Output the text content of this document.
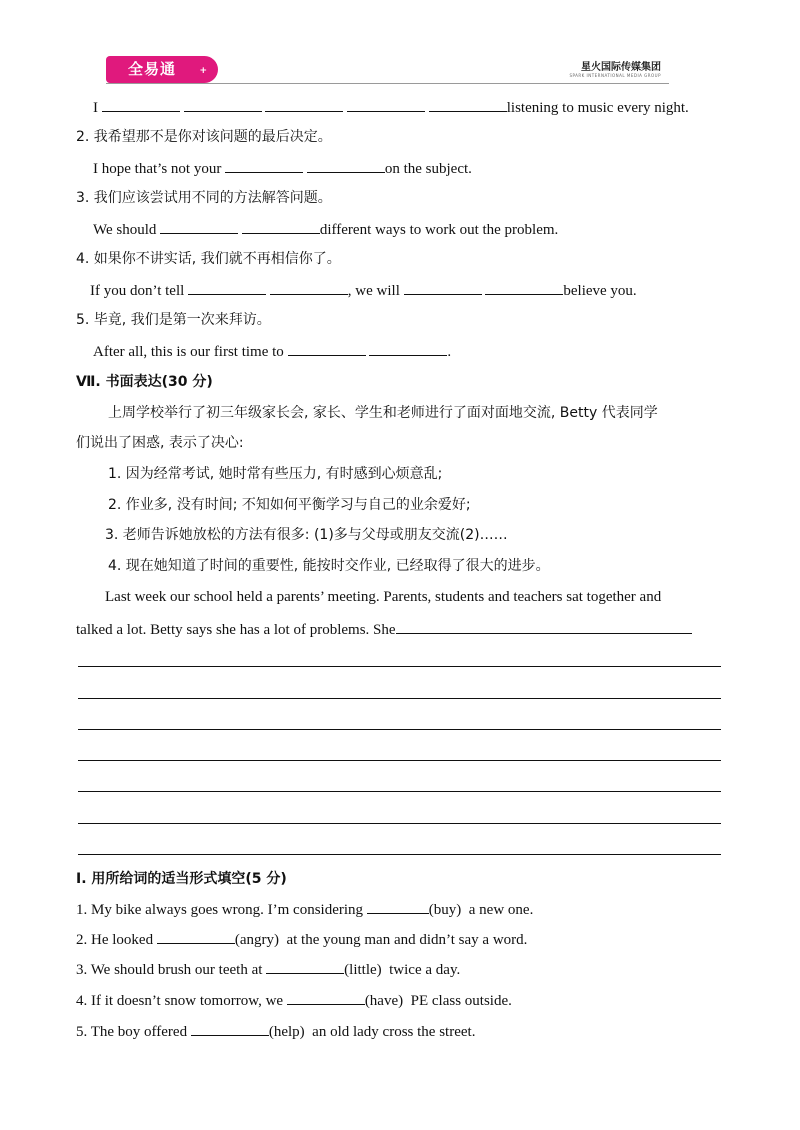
全易通	+	星火国际传媒集团
SPARK INTERNATIONAL MEDIA GROUP
I	listening to music every night.
2. 我希望那不是你对该问题的最后决定。
I hope that’s not your	on the subject.
3. 我们应该尝试用不同的方法解答问题。
We should	different ways to work out the problem.
4. 如果你不讲实话, 我们就不再相信你了。
If you don’t tell	, we will	believe you.
5. 毕竟, 我们是第一次来拜访。
After all, this is our first time to	.
Ⅶ. 书面表达(30 分)
上周学校举行了初三年级家长会, 家长、学生和老师进行了面对面地交流, Betty 代表同学
们说出了困惑, 表示了决心:
1. 因为经常考试, 她时常有些压力, 有时感到心烦意乱;
2. 作业多, 没有时间; 不知如何平衡学习与自己的业余爱好;
3. 老师告诉她放松的方法有很多: (1)多与父母或朋友交流(2)……
4. 现在她知道了时间的重要性, 能按时交作业, 已经取得了很大的进步。
Last week our school held a parents’ meeting. Parents, students and teachers sat together and
talked a lot. Betty says she has a lot of problems. She
Ⅰ. 用所给词的适当形式填空(5 分)
1. My bike always goes wrong. I’m considering	(buy)  a new one.
2. He looked	(angry)  at the young man and didn’t say a word.
3. We should brush our teeth at	(little)  twice a day.
4. If it doesn’t snow tomorrow, we	(have)  PE class outside.
5. The boy offered	(help)  an old lady cross the street.
